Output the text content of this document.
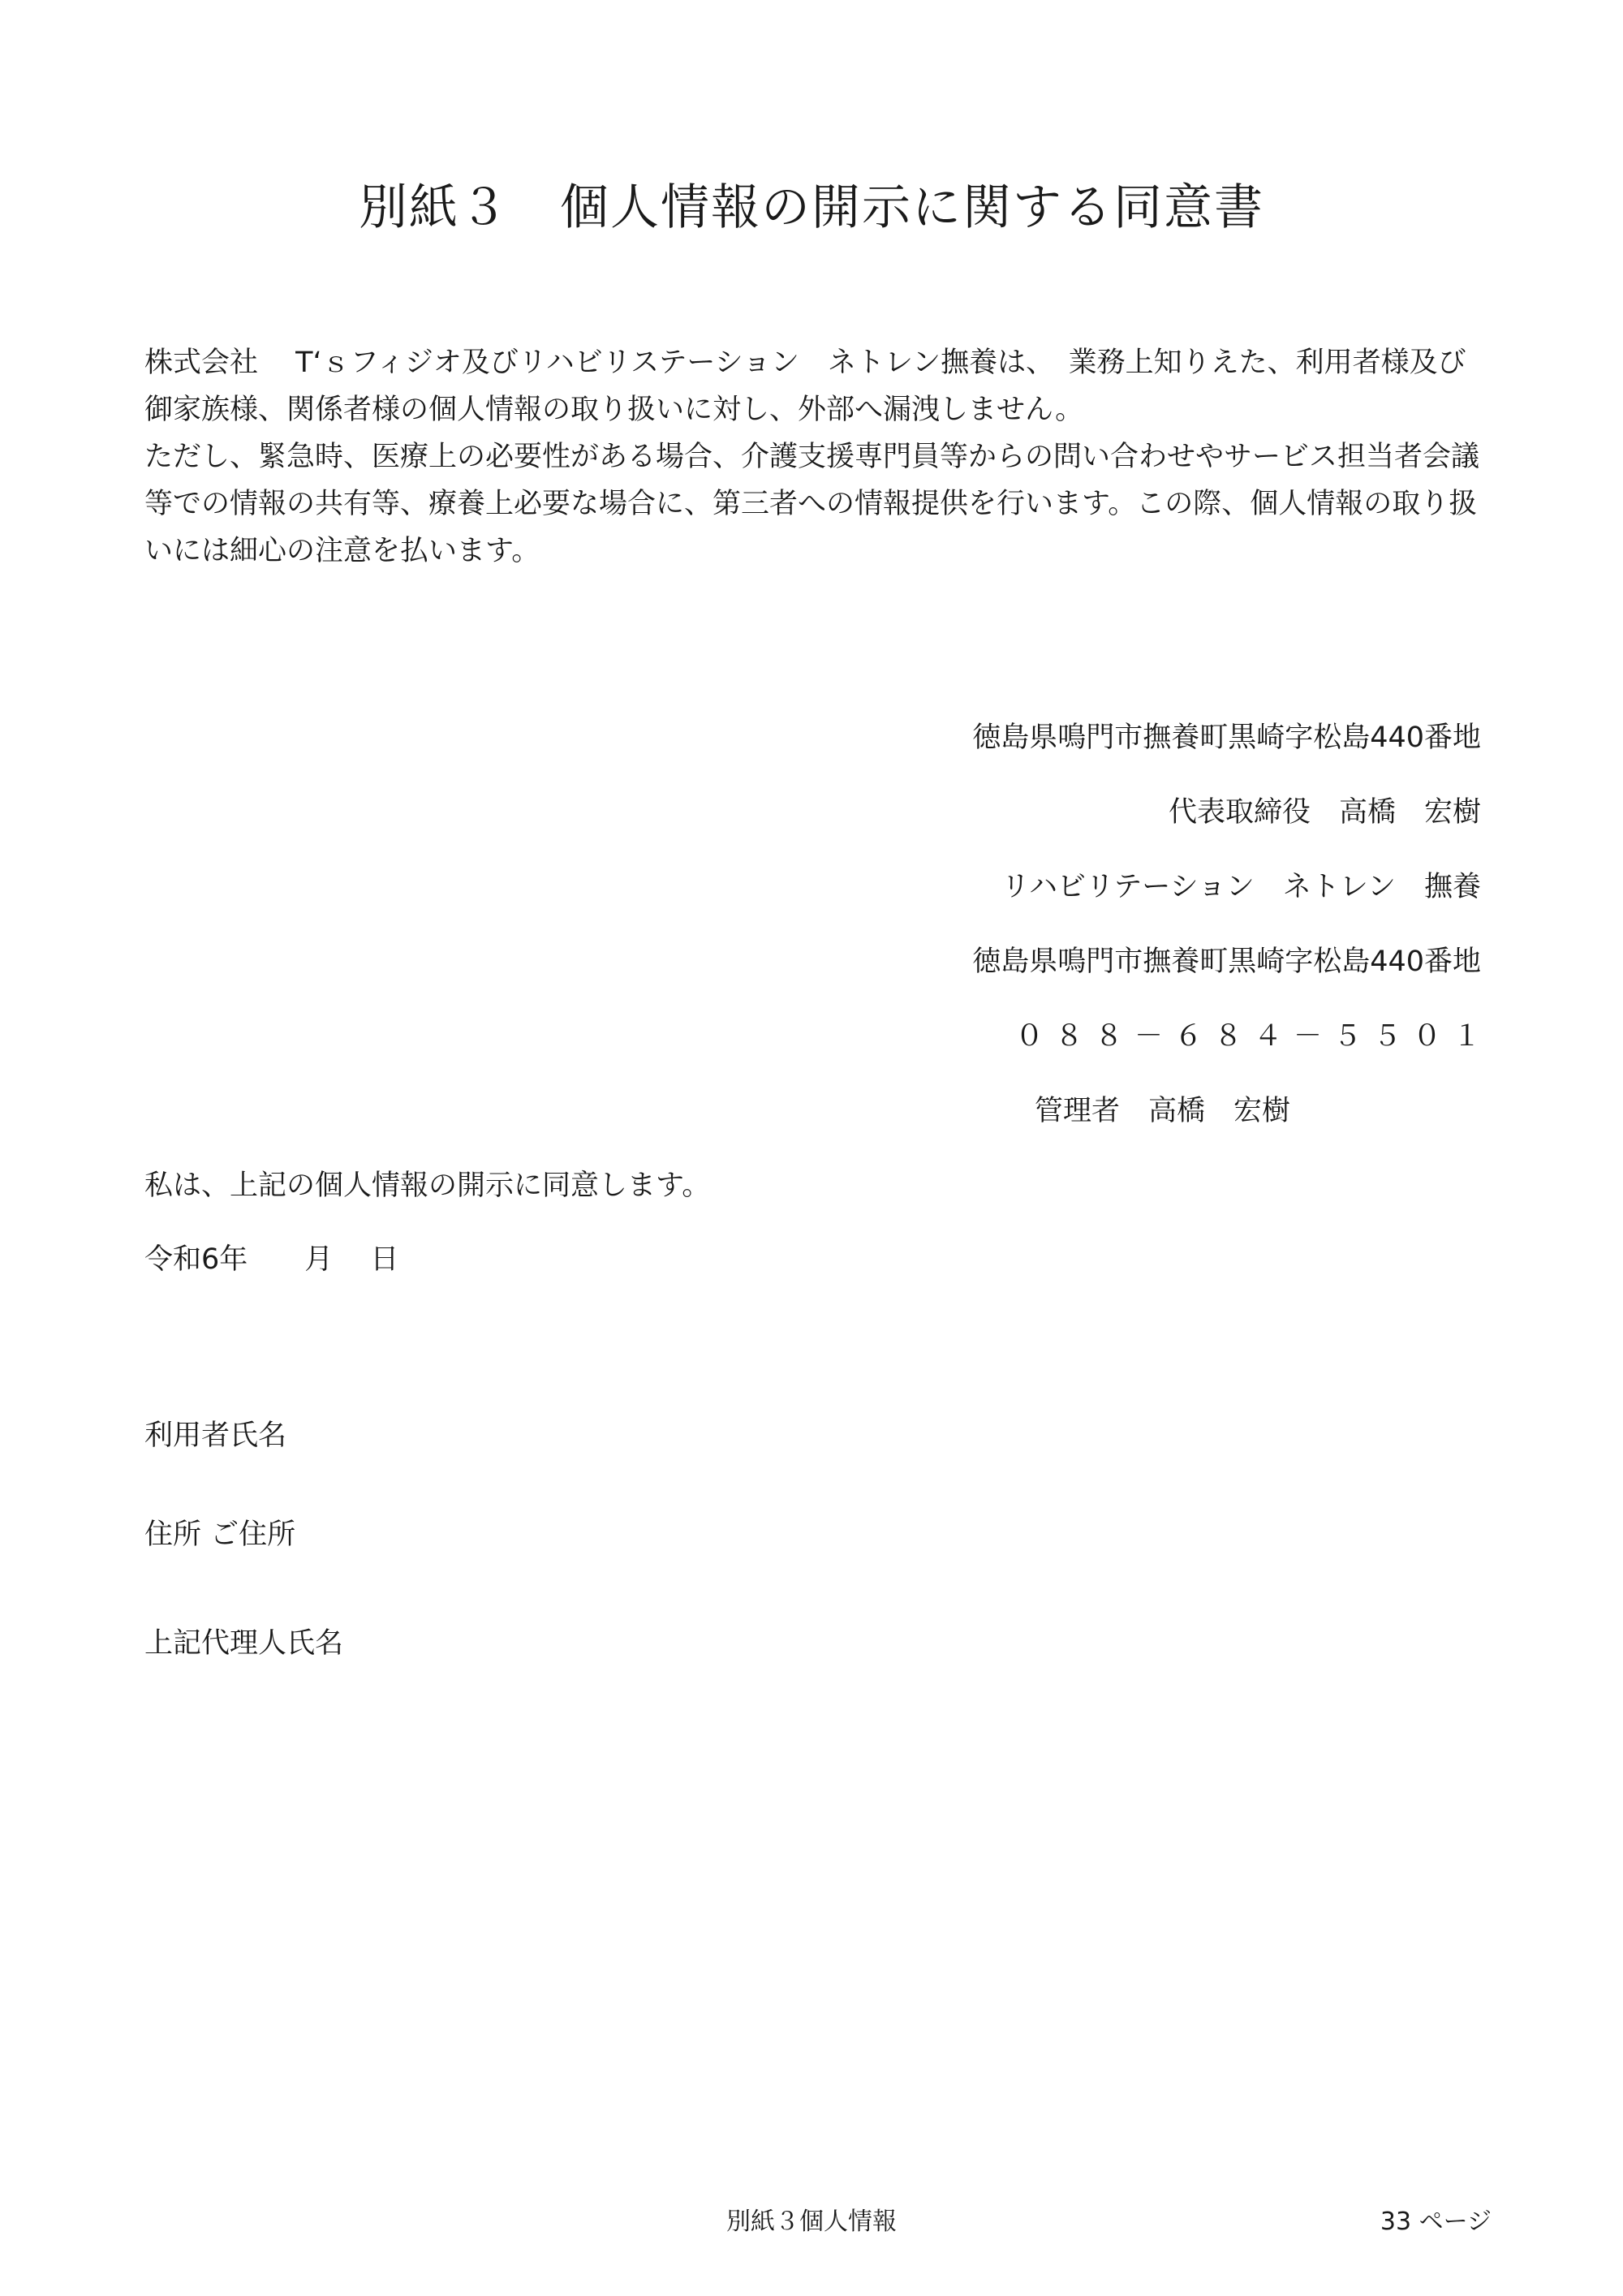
別紙３　個人情報の開示に関する同意書

株式会社　 T‘ｓフィジオ及びリハビリステーション　ネトレン撫養は、　業務上知りえた、利用者様及び御家族様、関係者様の個人情報の取り扱いに対し、外部へ漏洩しません。

ただし、緊急時、医療上の必要性がある場合、介護支援専門員等からの問い合わせやサービス担当者会議等での情報の共有等、療養上必要な場合に、第三者への情報提供を行います。この際、個人情報の取り扱いには細心の注意を払います。

徳島県鳴門市撫養町黒崎字松島440番地
代表取締役　高橋　宏樹
リハビリテーション　ネトレン　撫養
徳島県鳴門市撫養町黒崎字松島440番地
０８８－６８４－５５０１
管理者　高橋　宏樹
私は、上記の個人情報の開示に同意します。
令和6年　　月　 日
利用者氏名
住所 ご住所
上記代理人氏名
別紙３個人情報	33 ページ
